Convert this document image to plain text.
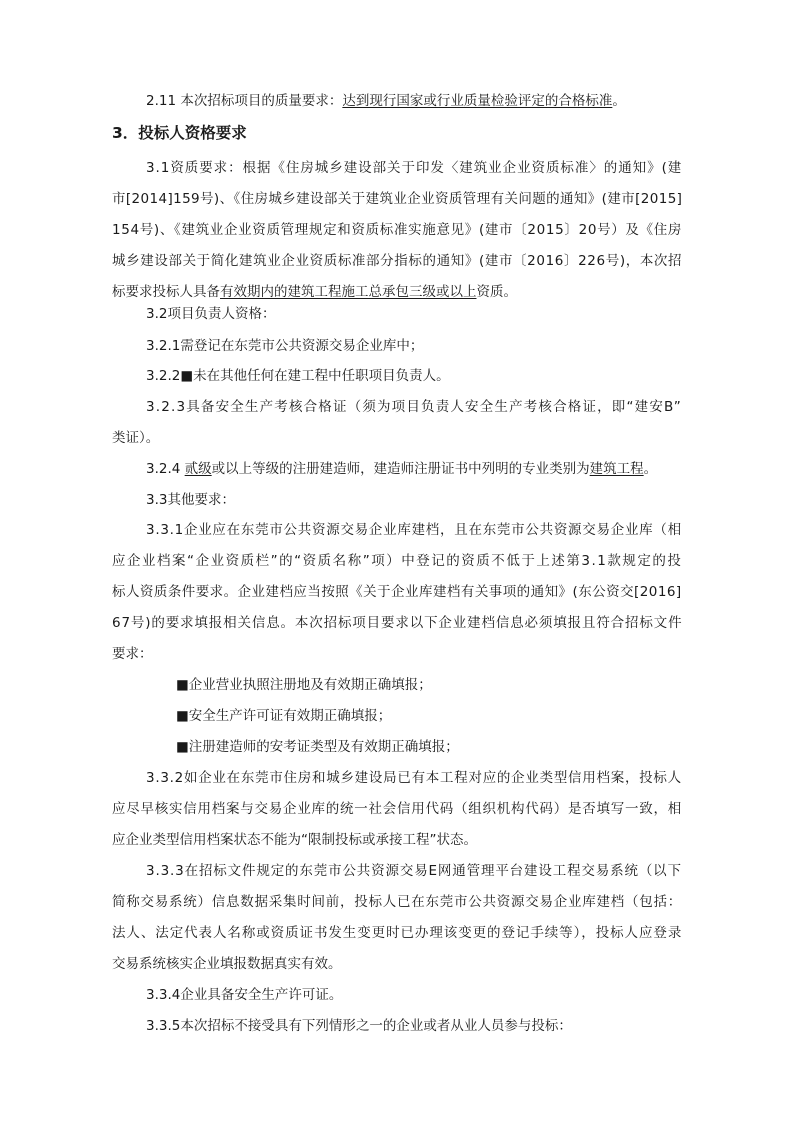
2.11 本次招标项目的质量要求：达到现行国家或行业质量检验评定的合格标准。
3．投标人资格要求
3.1资质要求：根据《住房城乡建设部关于印发〈建筑业企业资质标准〉的通知》(建
市[2014]159号)、《住房城乡建设部关于建筑业企业资质管理有关问题的通知》(建市[2015]
154号)、《建筑业企业资质管理规定和资质标准实施意见》(建市〔2015〕20号）及《住房
城乡建设部关于简化建筑业企业资质标准部分指标的通知》(建市〔2016〕226号)，本次招
标要求投标人具备有效期内的建筑工程施工总承包三级或以上资质。
3.2项目负责人资格：
3.2.1需登记在东莞市公共资源交易企业库中；
3.2.2■未在其他任何在建工程中任职项目负责人。
3.2.3具备安全生产考核合格证（须为项目负责人安全生产考核合格证，即“建安B”
类证）。
3.2.4 贰级或以上等级的注册建造师，建造师注册证书中列明的专业类别为建筑工程。
3.3其他要求：
3.3.1企业应在东莞市公共资源交易企业库建档，且在东莞市公共资源交易企业库（相
应企业档案“企业资质栏”的“资质名称”项）中登记的资质不低于上述第3.1款规定的投
标人资质条件要求。企业建档应当按照《关于企业库建档有关事项的通知》(东公资交[2016]
67号)的要求填报相关信息。本次招标项目要求以下企业建档信息必须填报且符合招标文件
要求：
■企业营业执照注册地及有效期正确填报；
■安全生产许可证有效期正确填报；
■注册建造师的安考证类型及有效期正确填报；
3.3.2如企业在东莞市住房和城乡建设局已有本工程对应的企业类型信用档案，投标人
应尽早核实信用档案与交易企业库的统一社会信用代码（组织机构代码）是否填写一致，相
应企业类型信用档案状态不能为“限制投标或承接工程”状态。
3.3.3在招标文件规定的东莞市公共资源交易E网通管理平台建设工程交易系统（以下
简称交易系统）信息数据采集时间前，投标人已在东莞市公共资源交易企业库建档（包括：
法人、法定代表人名称或资质证书发生变更时已办理该变更的登记手续等），投标人应登录
交易系统核实企业填报数据真实有效。
3.3.4企业具备安全生产许可证。
3.3.5本次招标不接受具有下列情形之一的企业或者从业人员参与投标：
